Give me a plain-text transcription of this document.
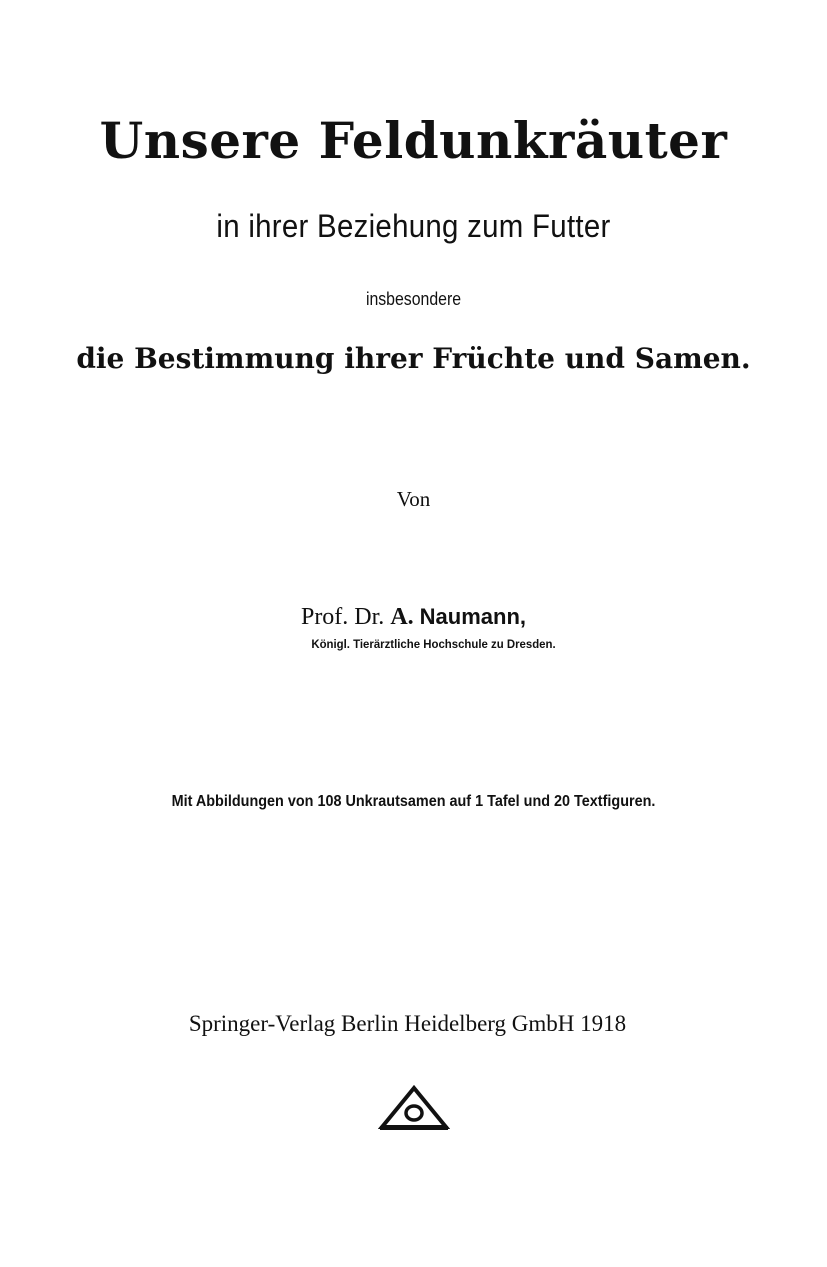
Unsere Feldunkräuter
in ihrer Beziehung zum Futter
insbesondere
die Bestimmung ihrer Früchte und Samen.
Von
Prof. Dr. A. Naumann,
Königl. Tierärztliche Hochschule zu Dresden.
Mit Abbildungen von 108 Unkrautsamen auf 1 Tafel und 20 Textfiguren.
Springer-Verlag Berlin Heidelberg GmbH 1918
